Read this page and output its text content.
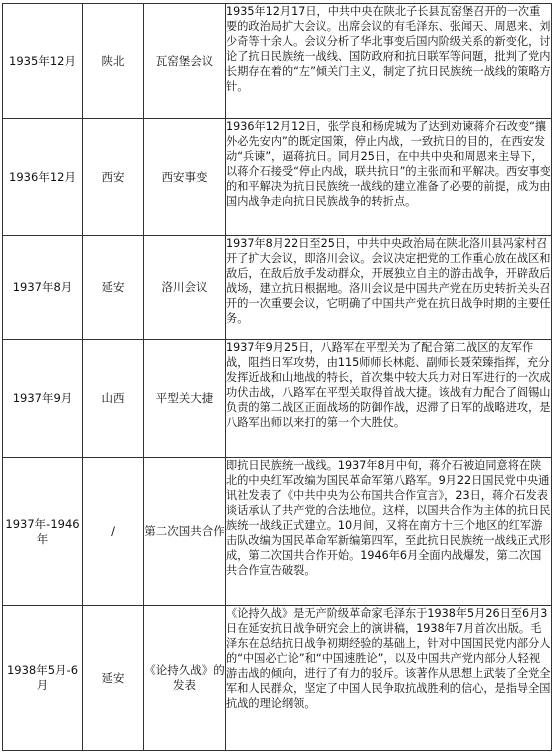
1935年12月	陕北	瓦窑堡会议	1935年12月17日，中共中央在陕北子长县瓦窑堡召开的一次重要的政治局扩大会议。出席会议的有毛泽东、张闻天、周恩来、刘少奇等十余人。会议分析了华北事变后国内阶级关系的新变化，讨论了抗日民族统一战线、国防政府和抗日联军等问题，批判了党内长期存在着的“左”倾关门主义，制定了抗日民族统一战线的策略方针。
1936年12月	西安	西安事变	1936年12月12日，张学良和杨虎城为了达到劝谏蒋介石改变“攘外必先安内”的既定国策，停止内战，一致抗日的目的，在西安发动“兵谏”，逼蒋抗日。同月25日，在中共中央和周恩来主导下，以蒋介石接受“停止内战，联共抗日”的主张而和平解决。西安事变的和平解决为抗日民族统一战线的建立准备了必要的前提，成为由国内战争走向抗日民族战争的转折点。
1937年8月	延安	洛川会议	1937年8月22日至25日，中共中央政治局在陕北洛川县冯家村召开了扩大会议，即洛川会议。会议决定把党的工作重心放在战区和敌后，在敌后放手发动群众，开展独立自主的游击战争，开辟敌后战场，建立抗日根据地。洛川会议是中国共产党在历史转折关头召开的一次重要会议，它明确了中国共产党在抗日战争时期的主要任务。
1937年9月	山西	平型关大捷	1937年9月25日，八路军在平型关为了配合第二战区的友军作战，阻挡日军攻势，由115师师长林彪、副师长聂荣臻指挥，充分发挥近战和山地战的特长，首次集中较大兵力对日军进行的一次成功伏击战，八路军在平型关取得首战大捷。该战有力配合了阎锡山负责的第二战区正面战场的防御作战，迟滞了日军的战略进攻，是八路军出师以来打的第一个大胜仗。
1937年-1946年	/	第二次国共合作	即抗日民族统一战线。1937年8月中旬，蒋介石被迫同意将在陕北的中央红军改编为国民革命军第八路军。9月22日国民党中央通讯社发表了《中共中央为公布国共合作宣言》，23日，蒋介石发表谈话承认了共产党的合法地位。这样，以国共合作为主体的抗日民族统一战线正式建立。10月间，又将在南方十三个地区的红军游击队改编为国民革命军新编第四军，至此抗日民族统一战线正式形成，第二次国共合作开始。1946年6月全面内战爆发，第二次国共合作宣告破裂。
1938年5月-6月	延安	《论持久战》的发表	《论持久战》是无产阶级革命家毛泽东于1938年5月26日至6月3日在延安抗日战争研究会上的演讲稿，1938年7月首次出版。毛泽东在总结抗日战争初期经验的基础上，针对中国国民党内部分人的“中国必亡论”和“中国速胜论”，以及中国共产党内部分人轻视游击战的倾向，进行了有力的驳斥。该著作从思想上武装了全党全军和人民群众，坚定了中国人民争取抗战胜利的信心，是指导全国抗战的理论纲领。
